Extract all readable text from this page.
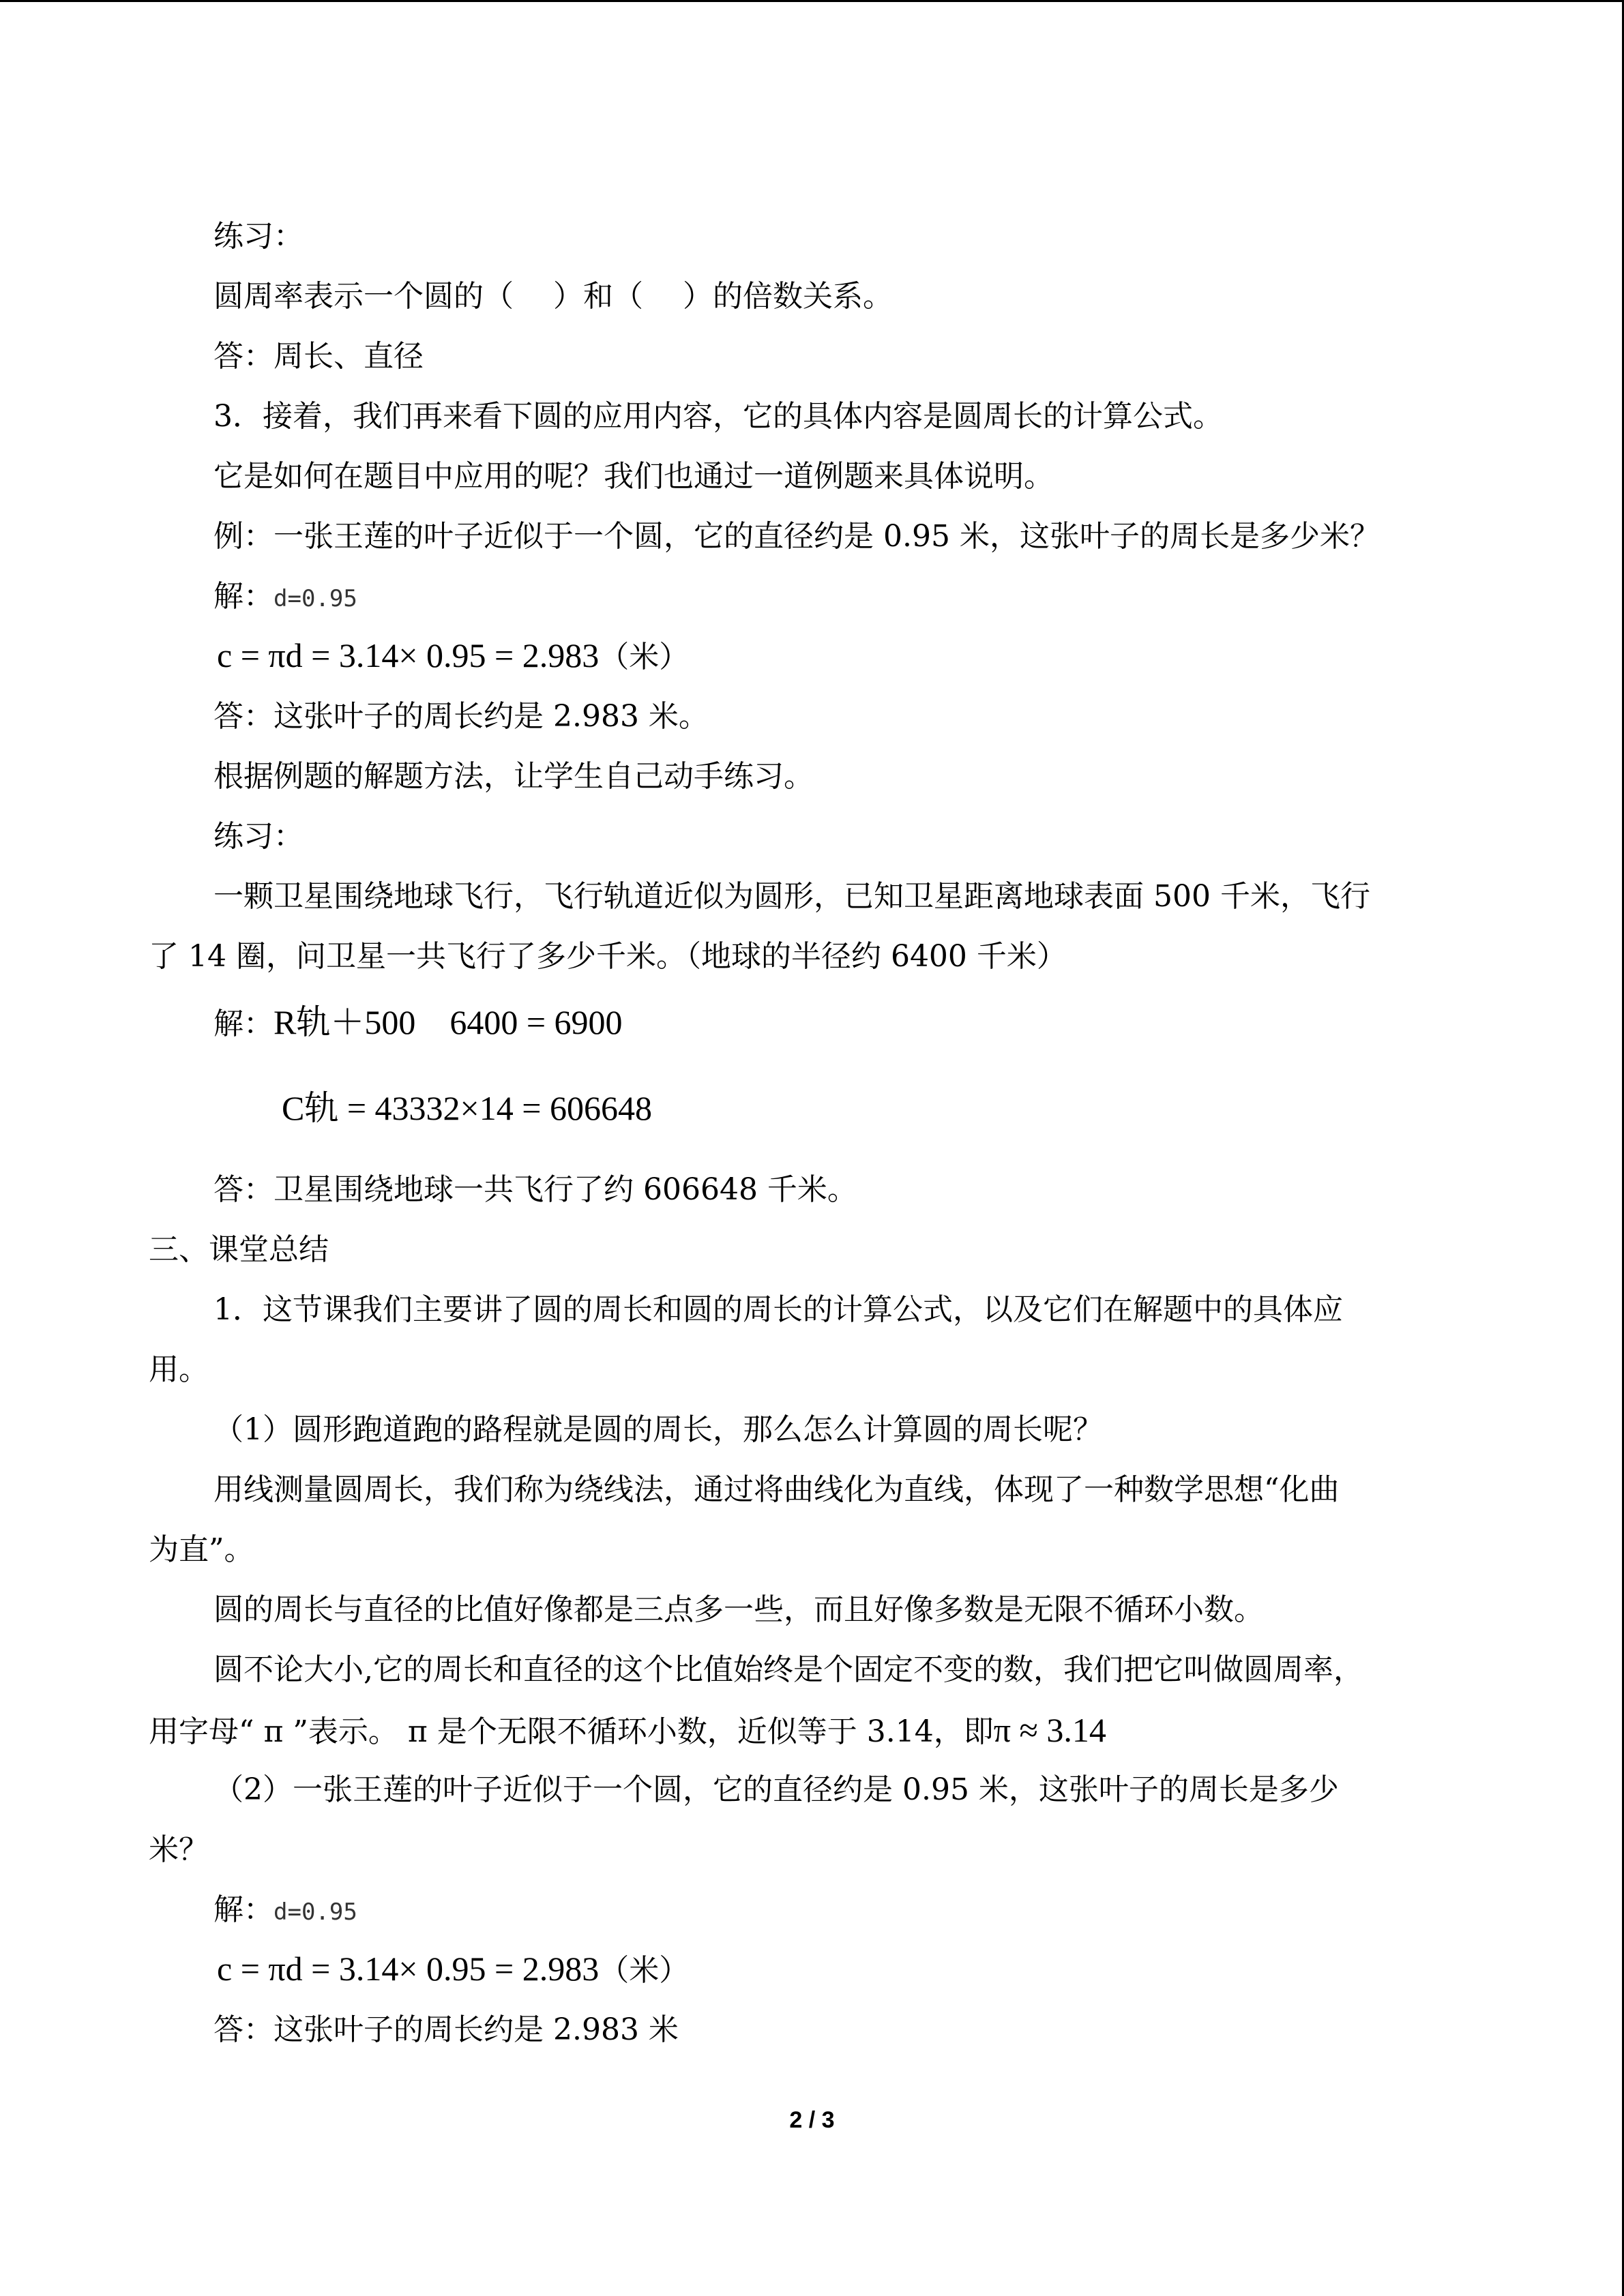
练习：
圆周率表示一个圆的（　 ）和（　 ）的倍数关系。
答：周长、直径
3．接着，我们再来看下圆的应用内容，它的具体内容是圆周长的计算公式。
它是如何在题目中应用的呢？我们也通过一道例题来具体说明。
例：一张王莲的叶子近似于一个圆，它的直径约是 0.95 米，这张叶子的周长是多少米？
解：d=0.95
c = πd = 3.14× 0.95 = 2.983（米）
答：这张叶子的周长约是 2.983 米。
根据例题的解题方法，让学生自己动手练习。
练习：
一颗卫星围绕地球飞行，飞行轨道近似为圆形，已知卫星距离地球表面 500 千米，飞行
了 14 圈，问卫星一共飞行了多少千米。（地球的半径约 6400 千米）
解：R轨＋500　6400 = 6900
C轨 = 43332×14 = 606648
答：卫星围绕地球一共飞行了约 606648 千米。
三、课堂总结
1．这节课我们主要讲了圆的周长和圆的周长的计算公式，以及它们在解题中的具体应
用。
（1）圆形跑道跑的路程就是圆的周长，那么怎么计算圆的周长呢？
用线测量圆周长，我们称为绕线法，通过将曲线化为直线，体现了一种数学思想“化曲
为直”。
圆的周长与直径的比值好像都是三点多一些，而且好像多数是无限不循环小数。
圆不论大小,它的周长和直径的这个比值始终是个固定不变的数，我们把它叫做圆周率，
用字母“ π ”表示。 π 是个无限不循环小数，近似等于 3.14，即π ≈ 3.14
（2）一张王莲的叶子近似于一个圆，它的直径约是 0.95 米，这张叶子的周长是多少
米？
解：d=0.95
c = πd = 3.14× 0.95 = 2.983（米）
答：这张叶子的周长约是 2.983 米
2 / 3
